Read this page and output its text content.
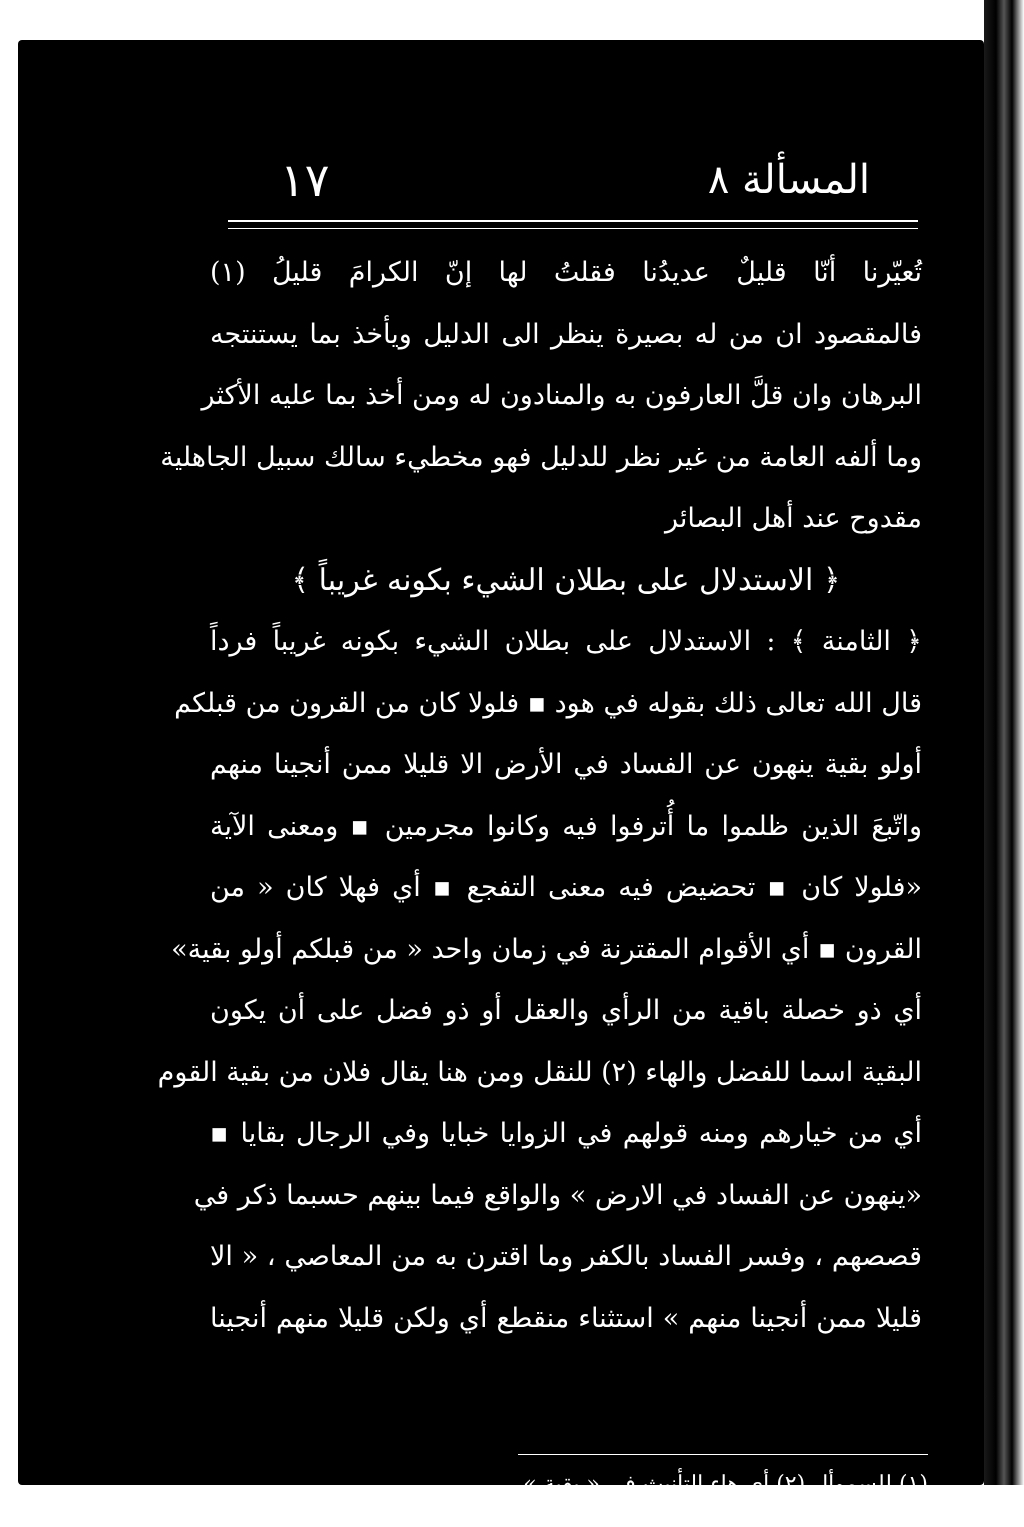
١٧	المسألة ٨
تُعيّرنا أنّا قليلٌ عديدُنا فقلتُ لها إنّ الكرامَ قليلُ (١)
فالمقصود ان من له بصيرة ينظر الى الدليل ويأخذ بما يستنتجه
البرهان وان قلَّ العارفون به والمنادون له ومن أخذ بما عليه الأكثر
وما ألفه العامة من غير نظر للدليل فهو مخطيء سالك سبيل الجاهلية
مقدوح عند أهل البصائر
﴿ الاستدلال على بطلان الشيء بكونه غريباً ﴾
﴿ الثامنة ﴾ : الاستدلال على بطلان الشيء بكونه غريباً فرداً
قال الله تعالى ذلك بقوله في هود ▪ فلولا كان من القرون من قبلكم
أولو بقية ينهون عن الفساد في الأرض الا قليلا ممن أنجينا منهم
واتّبعَ الذين ظلموا ما أُترفوا فيه وكانوا مجرمين ▪ ومعنى الآية
«فلولا كان ▪ تحضيض فيه معنى التفجع ▪ أي فهلا كان « من
القرون ▪ أي الأقوام المقترنة في زمان واحد « من قبلكم أولو بقية»
أي ذو خصلة باقية من الرأي والعقل أو ذو فضل على أن يكون
البقية اسما للفضل والهاء (٢) للنقل ومن هنا يقال فلان من بقية القوم
أي من خيارهم ومنه قولهم في الزوايا خبايا وفي الرجال بقايا ▪
«ينهون عن الفساد في الارض » والواقع فيما بينهم حسبما ذكر في
قصصهم ، وفسر الفساد بالكفر وما اقترن به من المعاصي ، « الا
قليلا ممن أنجينا منهم » استثناء منقطع أي ولكن قليلا منهم أنجينا
(١) للسموأل (٢) أي هاء التأنيث في « بقية »
